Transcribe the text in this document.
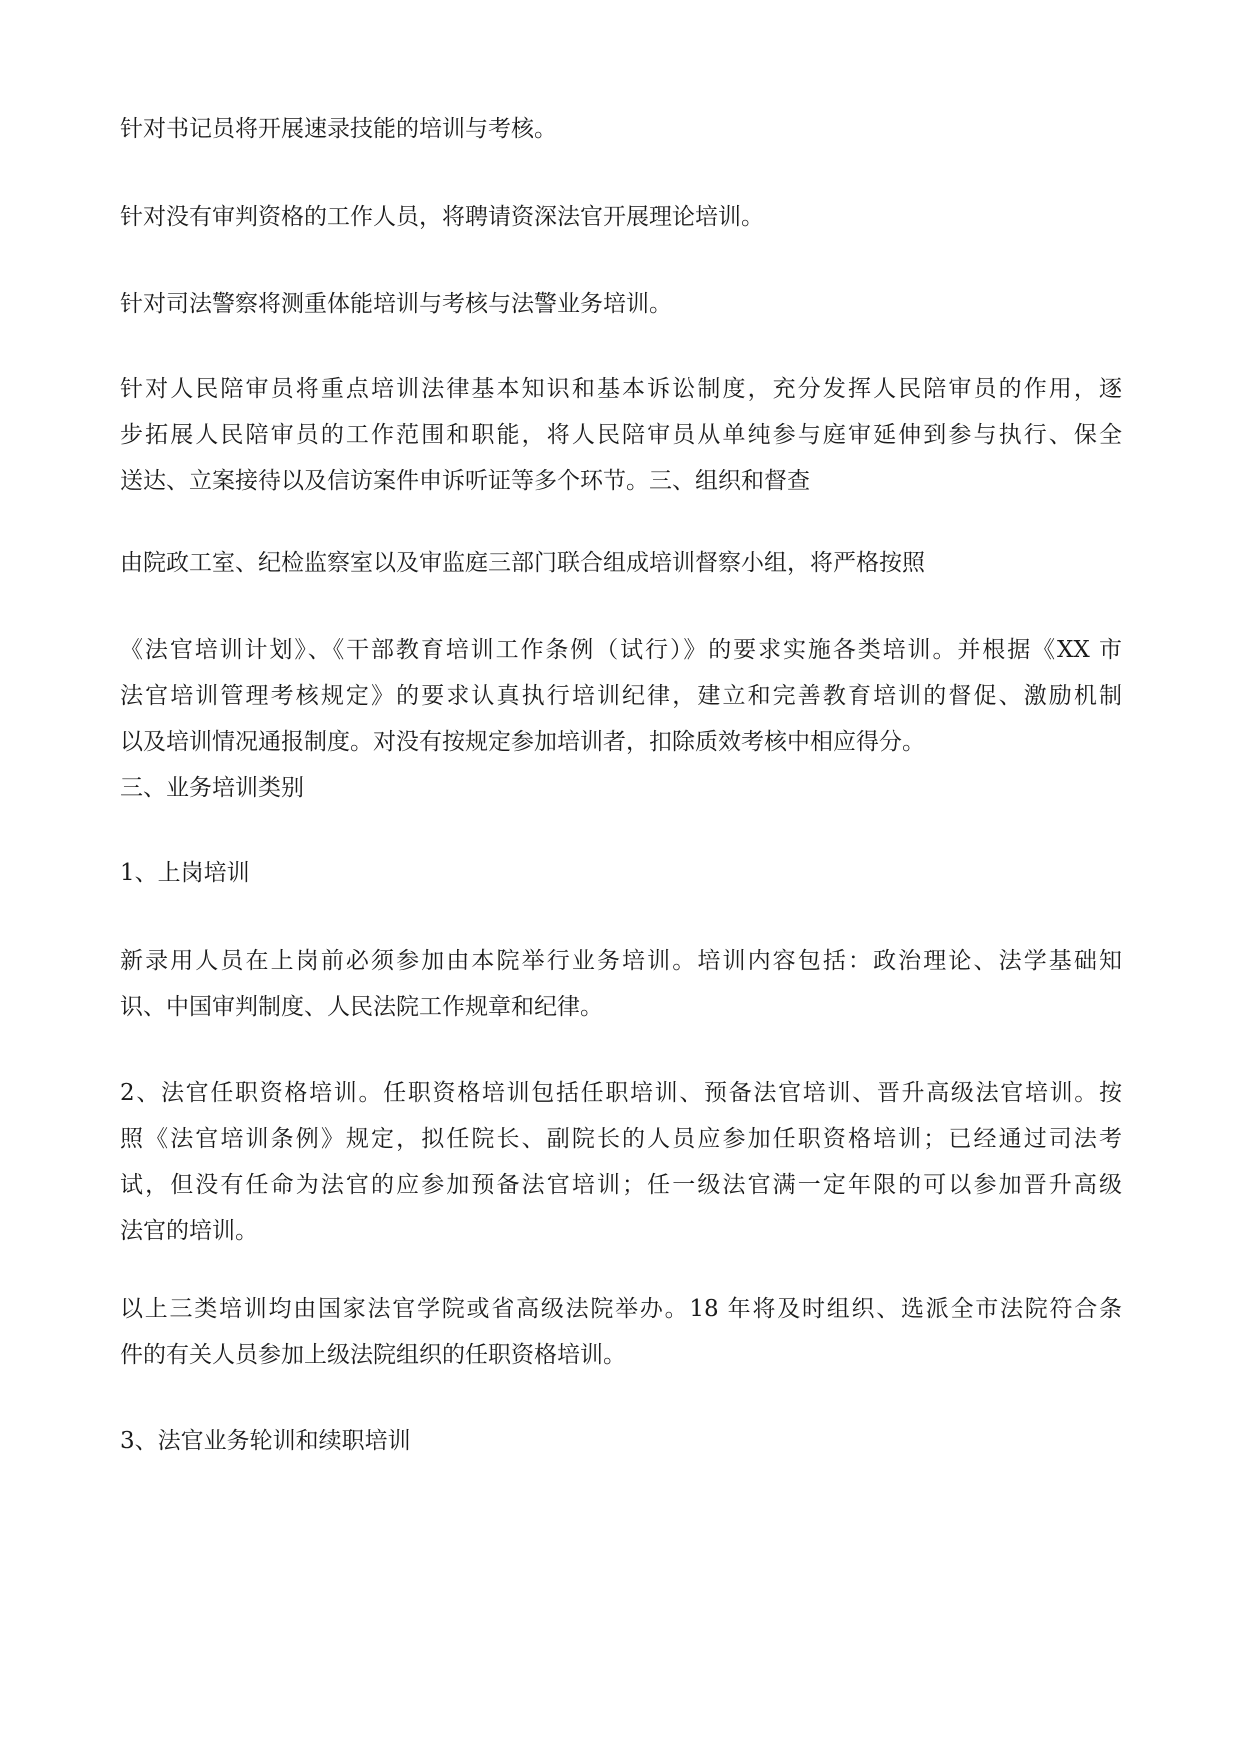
针对书记员将开展速录技能的培训与考核。

针对没有审判资格的工作人员，将聘请资深法官开展理论培训。

针对司法警察将测重体能培训与考核与法警业务培训。

针对人民陪审员将重点培训法律基本知识和基本诉讼制度，充分发挥人民陪审员的作用，逐
步拓展人民陪审员的工作范围和职能，将人民陪审员从单纯参与庭审延伸到参与执行、保全
送达、立案接待以及信访案件申诉听证等多个环节。三、组织和督查

由院政工室、纪检监察室以及审监庭三部门联合组成培训督察小组，将严格按照

《法官培训计划》、《干部教育培训工作条例（试行）》的要求实施各类培训。并根据《XX 市
法官培训管理考核规定》的要求认真执行培训纪律，建立和完善教育培训的督促、激励机制
以及培训情况通报制度。对没有按规定参加培训者，扣除质效考核中相应得分。
三、业务培训类别

1、上岗培训

新录用人员在上岗前必须参加由本院举行业务培训。培训内容包括：政治理论、法学基础知
识、中国审判制度、人民法院工作规章和纪律。

2、法官任职资格培训。任职资格培训包括任职培训、预备法官培训、晋升高级法官培训。按
照《法官培训条例》规定，拟任院长、副院长的人员应参加任职资格培训；已经通过司法考
试，但没有任命为法官的应参加预备法官培训；任一级法官满一定年限的可以参加晋升高级
法官的培训。

以上三类培训均由国家法官学院或省高级法院举办。18 年将及时组织、选派全市法院符合条
件的有关人员参加上级法院组织的任职资格培训。

3、法官业务轮训和续职培训
